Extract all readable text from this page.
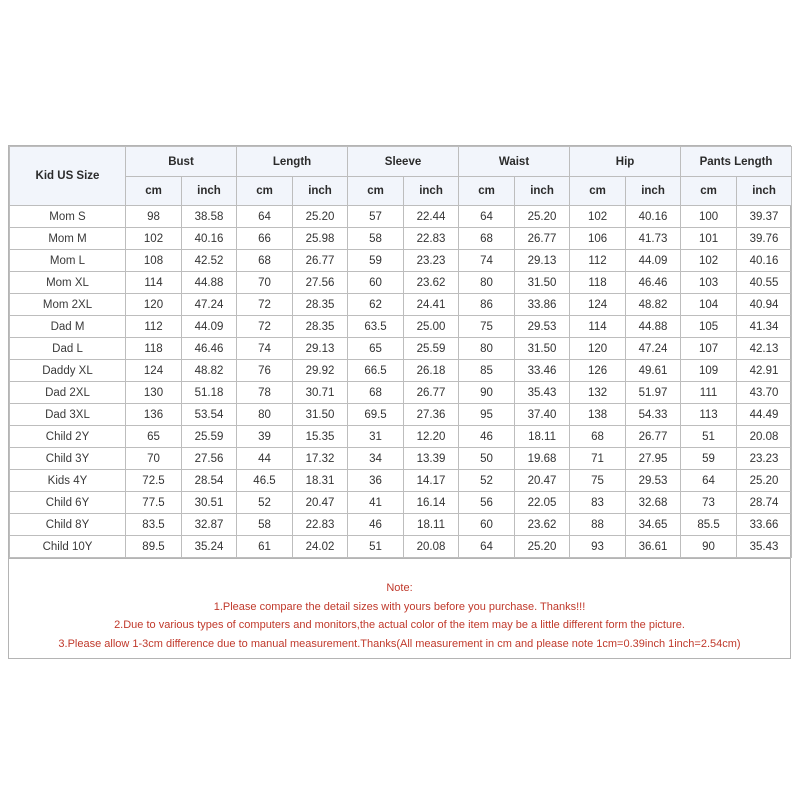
Kid US Size	Bust		Length		Sleeve		Waist		Hip		Pants Length	
	cm	inch	cm	inch	cm	inch	cm	inch	cm	inch	cm	inch
Mom S	98	38.58	64	25.20	57	22.44	64	25.20	102	40.16	100	39.37
Mom M	102	40.16	66	25.98	58	22.83	68	26.77	106	41.73	101	39.76
Mom L	108	42.52	68	26.77	59	23.23	74	29.13	112	44.09	102	40.16
Mom XL	114	44.88	70	27.56	60	23.62	80	31.50	118	46.46	103	40.55
Mom 2XL	120	47.24	72	28.35	62	24.41	86	33.86	124	48.82	104	40.94
Dad M	112	44.09	72	28.35	63.5	25.00	75	29.53	114	44.88	105	41.34
Dad L	118	46.46	74	29.13	65	25.59	80	31.50	120	47.24	107	42.13
Daddy XL	124	48.82	76	29.92	66.5	26.18	85	33.46	126	49.61	109	42.91
Dad 2XL	130	51.18	78	30.71	68	26.77	90	35.43	132	51.97	111	43.70
Dad 3XL	136	53.54	80	31.50	69.5	27.36	95	37.40	138	54.33	113	44.49
Child 2Y	65	25.59	39	15.35	31	12.20	46	18.11	68	26.77	51	20.08
Child 3Y	70	27.56	44	17.32	34	13.39	50	19.68	71	27.95	59	23.23
Kids 4Y	72.5	28.54	46.5	18.31	36	14.17	52	20.47	75	29.53	64	25.20
Child 6Y	77.5	30.51	52	20.47	41	16.14	56	22.05	83	32.68	73	28.74
Child 8Y	83.5	32.87	58	22.83	46	18.11	60	23.62	88	34.65	85.5	33.66
Child 10Y	89.5	35.24	61	24.02	51	20.08	64	25.20	93	36.61	90	35.43
Note:
1.Please compare the detail sizes with yours before you purchase. Thanks!!!
2.Due to various types of computers and monitors,the actual color of the item may be a little different form the picture.
3.Please allow 1-3cm difference due to manual measurement.Thanks(All measurement in cm and please note 1cm=0.39inch 1inch=2.54cm)
